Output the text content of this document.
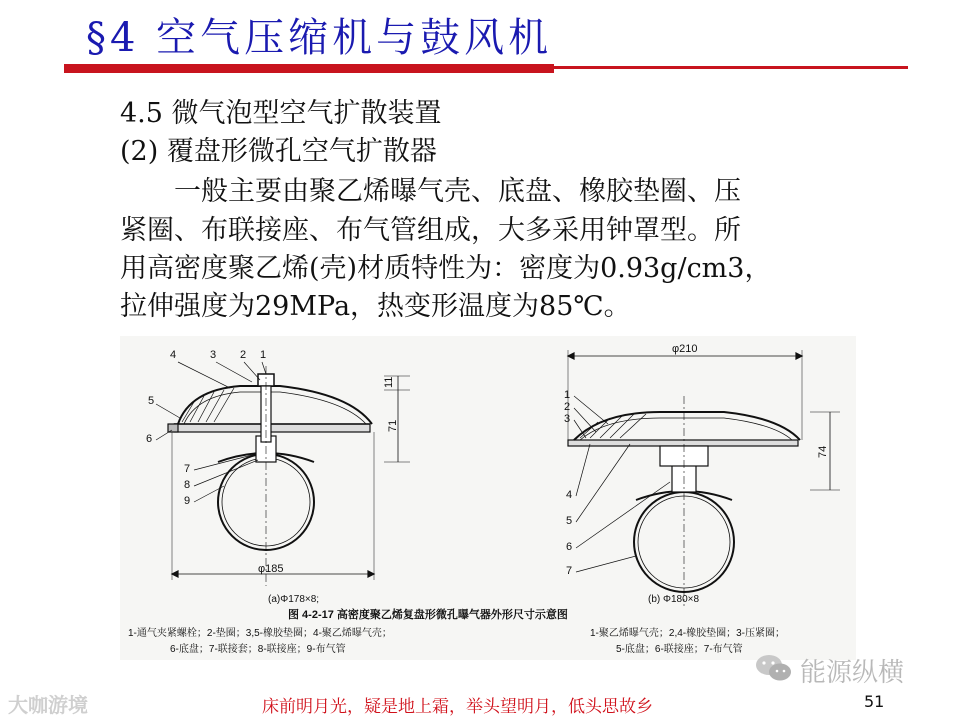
§4 空气压缩机与鼓风机
4.5 微气泡型空气扩散装置
(2) 覆盘形微孔空气扩散器
　　一般主要由聚乙烯曝气壳、底盘、橡胶垫圈、压
紧圈、布联接座、布气管组成，大多采用钟罩型。所
用高密度聚乙烯(壳)材质特性为：密度为0.93g/cm3，
拉伸强度为29MPa，热变形温度为85℃。
4	3 2 1
5
6
7
8
9
φ185
11
71
(a)Φ178×8;
1
2
3
4
5
6
7
φ210
74
(b) Φ180×8
图 4-2-17 高密度聚乙烯复盘形微孔曝气器外形尺寸示意图
1-通气夹紧螺栓；2-垫圈；3,5-橡胶垫圈；4-聚乙烯曝气壳；
6-底盘；7-联接套；8-联接座；9-布气管
1-聚乙烯曝气壳；2,4-橡胶垫圈；3-压紧圈；
5-底盘；6-联接座；7-布气管
能源纵横
大咖游境	床前明月光，疑是地上霜，举头望明月，低头思故乡	51
